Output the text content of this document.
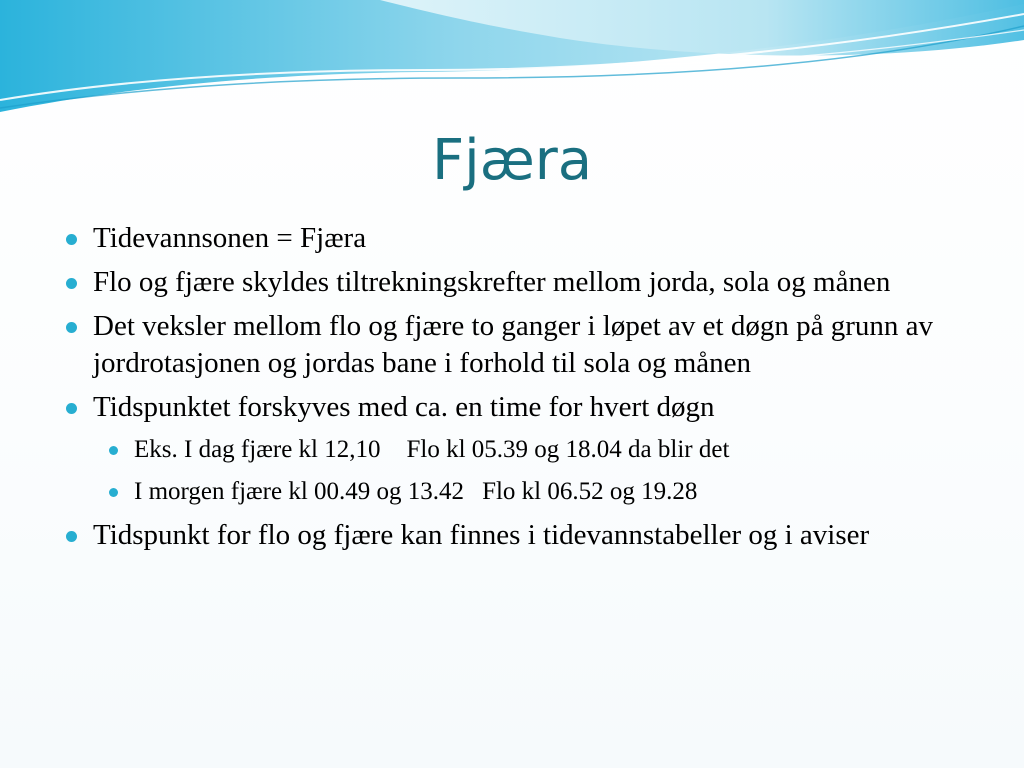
Fjæra
Tidevannsonen = Fjæra
Flo og fjære skyldes tiltrekningskrefter mellom jorda, sola og månen
Det veksler mellom flo og fjære to ganger i løpet av et døgn på grunn av jordrotasjonen og jordas bane i forhold til sola og månen
Tidspunktet forskyves med ca. en time for hvert døgn
Eks. I dag fjære kl 12,10 Flo kl 05.39 og 18.04 da blir det
I morgen fjære kl 00.49 og 13.42 Flo kl 06.52 og 19.28
Tidspunkt for flo og fjære kan finnes i tidevannstabeller og i aviser
